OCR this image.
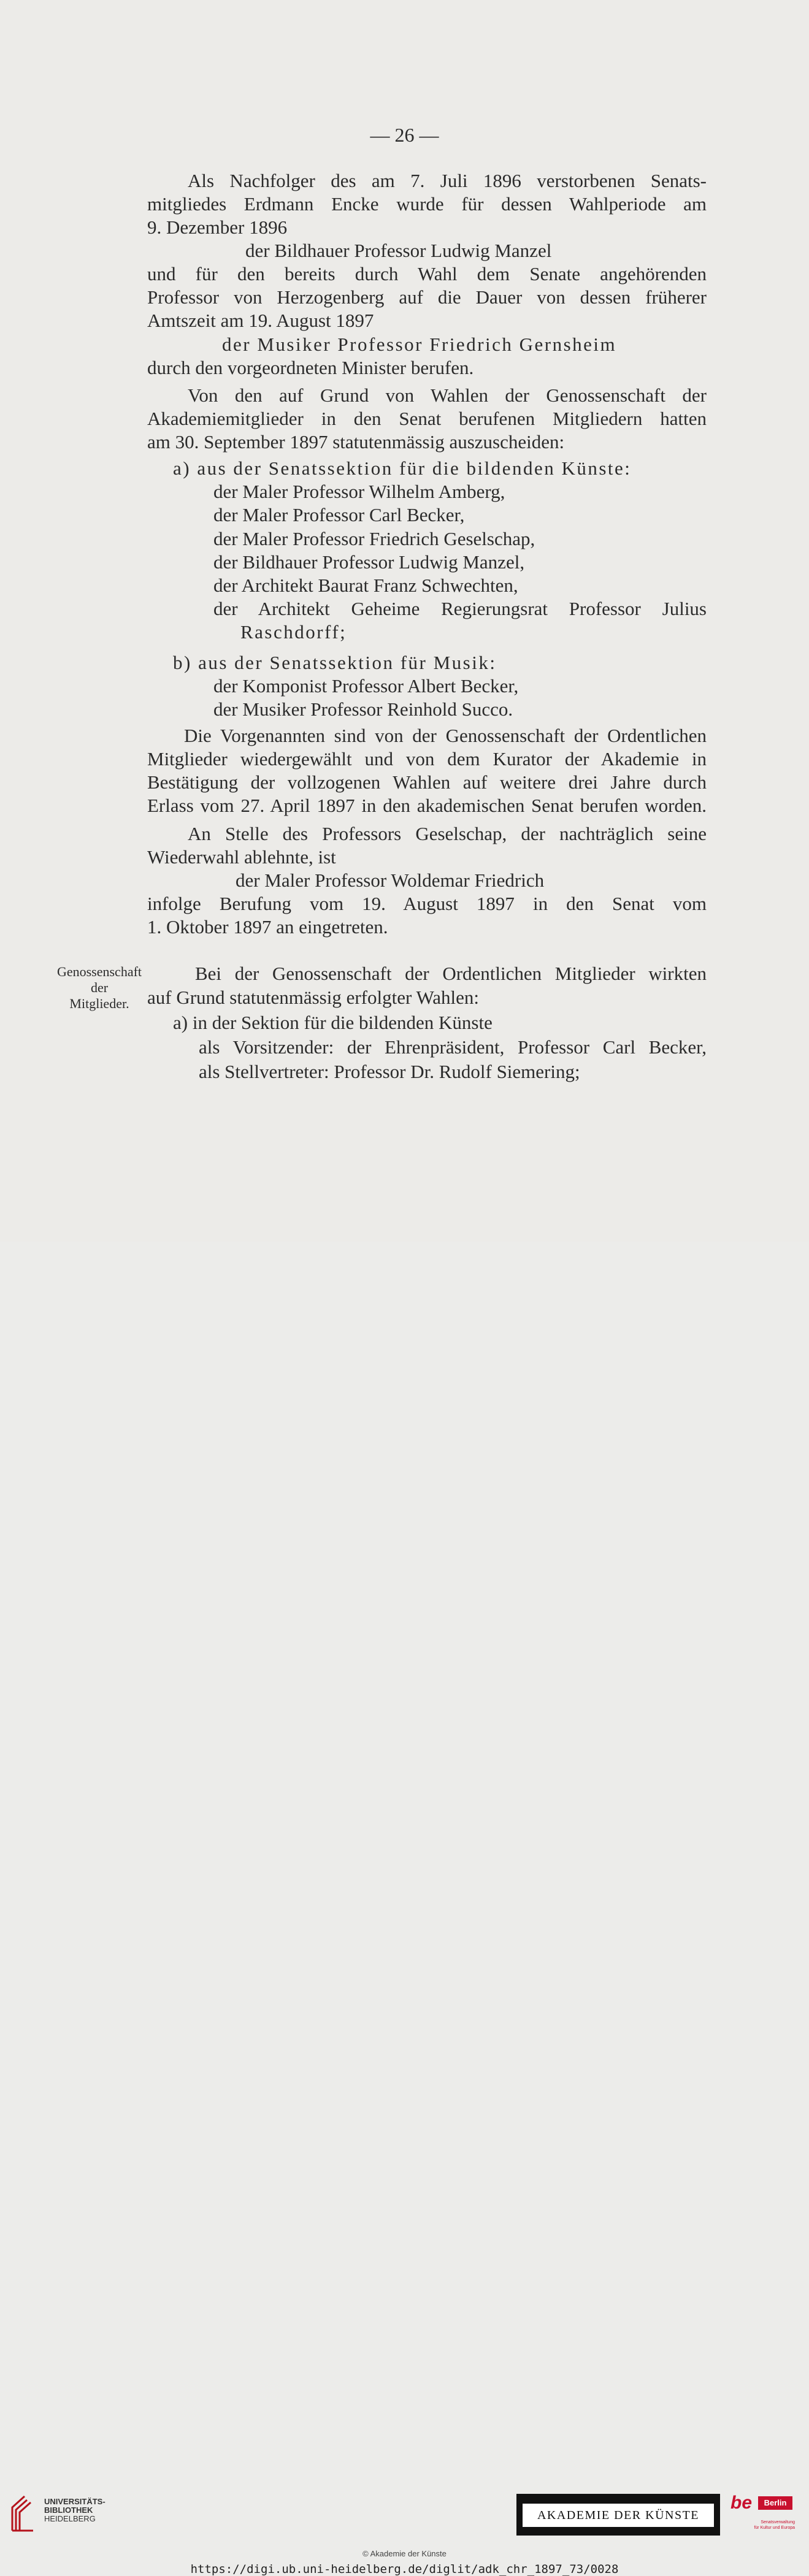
— 26 —
Als Nachfolger des am 7. Juli 1896 verstorbenen Senats-
mitgliedes Erdmann Encke wurde für dessen Wahlperiode am
9. Dezember 1896
der Bildhauer Professor Ludwig Manzel
und für den bereits durch Wahl dem Senate angehörenden
Professor von Herzogenberg auf die Dauer von dessen früherer
Amtszeit am 19. August 1897
der Musiker Professor Friedrich Gernsheim
durch den vorgeordneten Minister berufen.
Von den auf Grund von Wahlen der Genossenschaft der
Akademiemitglieder in den Senat berufenen Mitgliedern hatten
am 30. September 1897 statutenmässig auszuscheiden:
a) aus der Senatssektion für die bildenden Künste:
der Maler Professor Wilhelm Amberg,
der Maler Professor Carl Becker,
der Maler Professor Friedrich Geselschap,
der Bildhauer Professor Ludwig Manzel,
der Architekt Baurat Franz Schwechten,
der Architekt Geheime Regierungsrat Professor Julius
Raschdorff;
b) aus der Senatssektion für Musik:
der Komponist Professor Albert Becker,
der Musiker Professor Reinhold Succo.
Die Vorgenannten sind von der Genossenschaft der Ordentlichen
Mitglieder wiedergewählt und von dem Kurator der Akademie in
Bestätigung der vollzogenen Wahlen auf weitere drei Jahre durch
Erlass vom 27. April 1897 in den akademischen Senat berufen worden.
An Stelle des Professors Geselschap, der nachträglich seine
Wiederwahl ablehnte, ist
der Maler Professor Woldemar Friedrich
infolge Berufung vom 19. August 1897 in den Senat vom
1. Oktober 1897 an eingetreten.
Bei der Genossenschaft der Ordentlichen Mitglieder wirkten
auf Grund statutenmässig erfolgter Wahlen:
a) in der Sektion für die bildenden Künste
als Vorsitzender: der Ehrenpräsident, Professor Carl Becker,
als Stellvertreter: Professor Dr. Rudolf Siemering;
Genossenschaft
der
Mitglieder.
UNIVERSITÄTS-
BIBLIOTHEK
HEIDELBERG	AKADEMIE DER KÜNSTE
be	Berlin
Senatsverwaltung
für Kultur und Europa
© Akademie der Künste
https://digi.ub.uni-heidelberg.de/diglit/adk_chr_1897_73/0028
